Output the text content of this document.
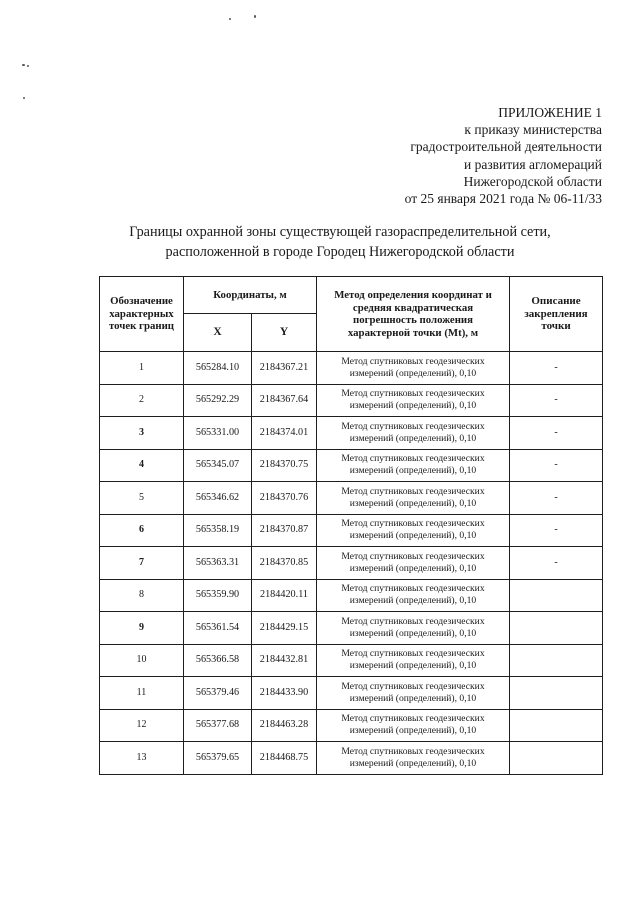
ПРИЛОЖЕНИЕ 1
к приказу министерства
градостроительной деятельности
и развития агломераций
Нижегородской области
от 25 января 2021 года № 06-11/33
Границы охранной зоны существующей газораспределительной сети,
расположенной в городе Городец Нижегородской области
Обозначение характерных точек границ	Координаты, м		Метод определения координат и средняя квадратическая погрешность положения характерной точки (Mt), м	Описание закрепления точки
	X	Y		
1	565284.10	2184367.21	Метод спутниковых геодезических измерений (определений), 0,10	-
2	565292.29	2184367.64	Метод спутниковых геодезических измерений (определений), 0,10	-
3	565331.00	2184374.01	Метод спутниковых геодезических измерений (определений), 0,10	-
4	565345.07	2184370.75	Метод спутниковых геодезических измерений (определений), 0,10	-
5	565346.62	2184370.76	Метод спутниковых геодезических измерений (определений), 0,10	-
6	565358.19	2184370.87	Метод спутниковых геодезических измерений (определений), 0,10	-
7	565363.31	2184370.85	Метод спутниковых геодезических измерений (определений), 0,10	-
8	565359.90	2184420.11	Метод спутниковых геодезических измерений (определений), 0,10	
9	565361.54	2184429.15	Метод спутниковых геодезических измерений (определений), 0,10	
10	565366.58	2184432.81	Метод спутниковых геодезических измерений (определений), 0,10	
11	565379.46	2184433.90	Метод спутниковых геодезических измерений (определений), 0,10	
12	565377.68	2184463.28	Метод спутниковых геодезических измерений (определений), 0,10	
13	565379.65	2184468.75	Метод спутниковых геодезических измерений (определений), 0,10	
